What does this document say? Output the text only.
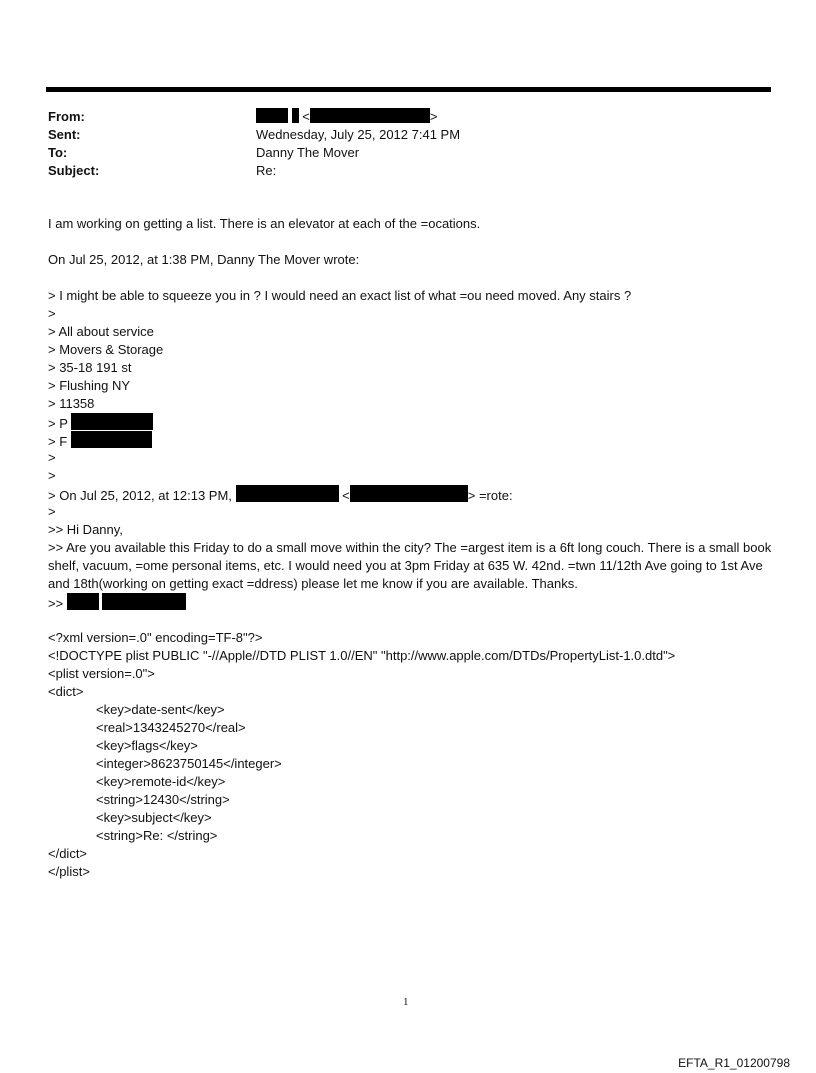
From:	<	>
Sent:	Wednesday, July 25, 2012 7:41 PM
To:	Danny The Mover
Subject:	Re:
I am working on getting a list. There is an elevator at each of the =ocations.
On Jul 25, 2012, at 1:38 PM, Danny The Mover wrote:
> I might be able to squeeze you in ? I would need an exact list of what =ou need moved. Any stairs ?
>
> All about service
> Movers & Storage
> 35-18 191 st
> Flushing NY
> 11358
> P
> F
>
>
> On Jul 25, 2012, at 12:13 PM,	<	> =rote:
>
>> Hi Danny,
>> Are you available this Friday to do a small move within the city? The =argest item is a 6ft long couch. There is a small book shelf, vacuum, =ome personal items, etc. I would need you at 3pm Friday at 635 W. 42nd. =twn 11/12th Ave going to 1st Ave and 18th(working on getting exact =ddress) please let me know if you are available. Thanks.
>>
<?xml version=.0" encoding=TF-8"?>
<!DOCTYPE plist PUBLIC "-//Apple//DTD PLIST 1.0//EN" "http://www.apple.com/DTDs/PropertyList-1.0.dtd">
<plist version=.0">
<dict>
<key>date-sent</key>
<real>1343245270</real>
<key>flags</key>
<integer>8623750145</integer>
<key>remote-id</key>
<string>12430</string>
<key>subject</key>
<string>Re: </string>
</dict>
</plist>
1
EFTA_R1_01200798
